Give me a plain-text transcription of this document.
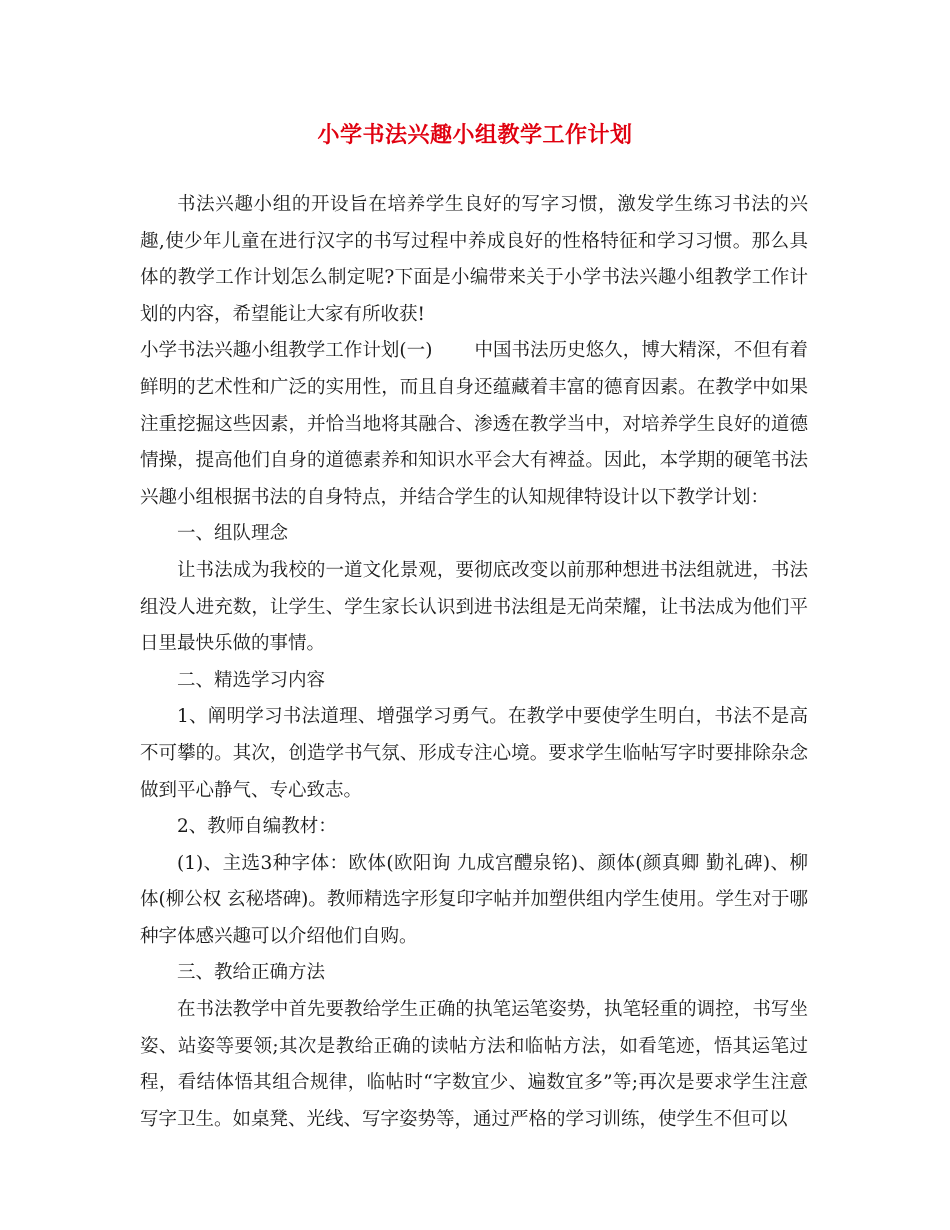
小学书法兴趣小组教学工作计划

书法兴趣小组的开设旨在培养学生良好的写字习惯，激发学生练习书法的兴趣,使少年儿童在进行汉字的书写过程中养成良好的性格特征和学习习惯。那么具体的教学工作计划怎么制定呢?下面是小编带来关于小学书法兴趣小组教学工作计划的内容，希望能让大家有所收获!

小学书法兴趣小组教学工作计划(一) 中国书法历史悠久，博大精深，不但有着鲜明的艺术性和广泛的实用性，而且自身还蕴藏着丰富的德育因素。在教学中如果注重挖掘这些因素，并恰当地将其融合、渗透在教学当中，对培养学生良好的道德情操，提高他们自身的道德素养和知识水平会大有裨益。因此，本学期的硬笔书法兴趣小组根据书法的自身特点，并结合学生的认知规律特设计以下教学计划：

一、组队理念

让书法成为我校的一道文化景观，要彻底改变以前那种想进书法组就进，书法组没人进充数，让学生、学生家长认识到进书法组是无尚荣耀，让书法成为他们平日里最快乐做的事情。

二、精选学习内容

1、阐明学习书法道理、增强学习勇气。在教学中要使学生明白，书法不是高不可攀的。其次，创造学书气氛、形成专注心境。要求学生临帖写字时要排除杂念做到平心静气、专心致志。

2、教师自编教材：

(1)、主选3种字体：欧体(欧阳询 九成宫醴泉铭)、颜体(颜真卿 勤礼碑)、柳体(柳公权 玄秘塔碑)。教师精选字形复印字帖并加塑供组内学生使用。学生对于哪种字体感兴趣可以介绍他们自购。

三、教给正确方法

在书法教学中首先要教给学生正确的执笔运笔姿势，执笔轻重的调控，书写坐姿、站姿等要领;其次是教给正确的读帖方法和临帖方法，如看笔迹，悟其运笔过程，看结体悟其组合规律，临帖时“字数宜少、遍数宜多”等;再次是要求学生注意写字卫生。如桌凳、光线、写字姿势等，通过严格的学习训练，使学生不但可以
